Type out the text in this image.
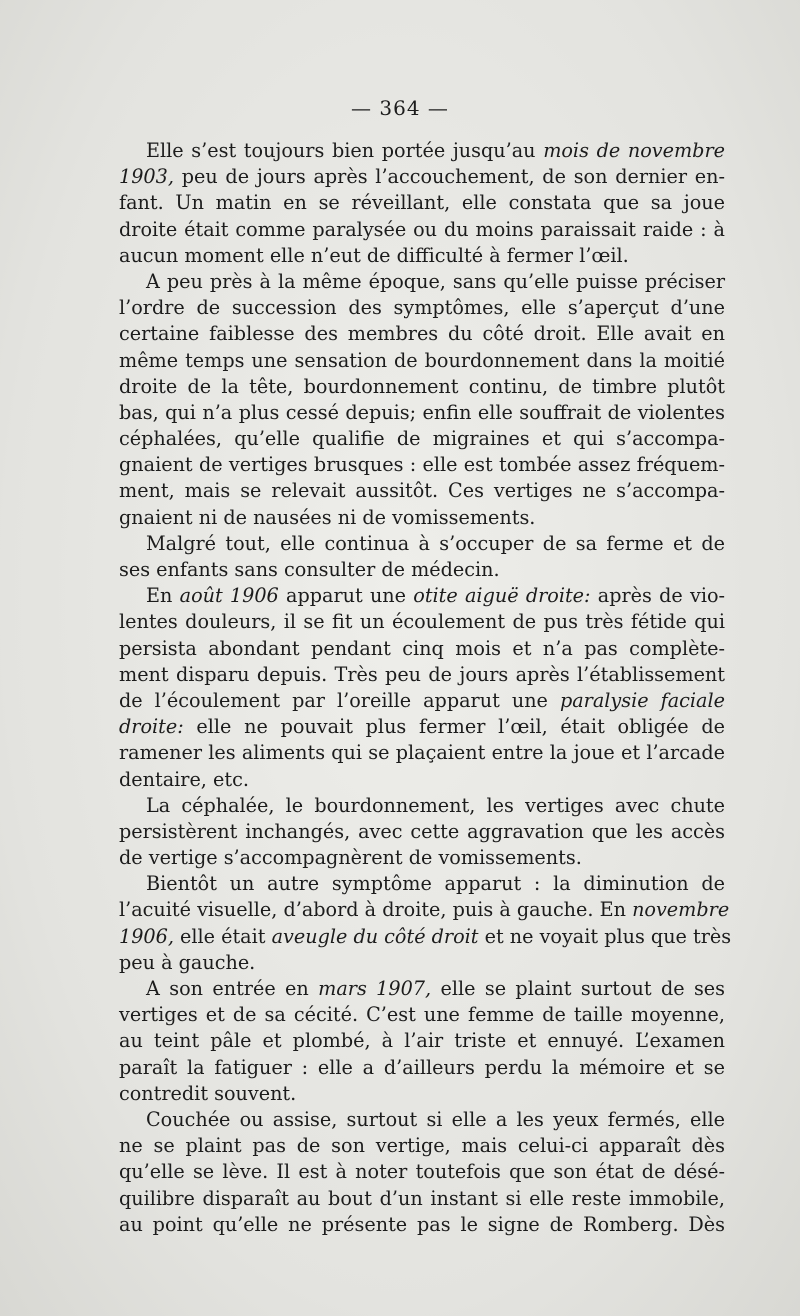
— 364 —
Elle s’est toujours bien portée jusqu’au mois de novembre
1903, peu de jours après l’accouchement, de son dernier en-
fant. Un matin en se réveillant, elle constata que sa joue
droite était comme paralysée ou du moins paraissait raide : à
aucun moment elle n’eut de difficulté à fermer l’œil.
A peu près à la même époque, sans qu’elle puisse préciser
l’ordre de succession des symptômes, elle s’aperçut d’une
certaine faiblesse des membres du côté droit. Elle avait en
même temps une sensation de bourdonnement dans la moitié
droite de la tête, bourdonnement continu, de timbre plutôt
bas, qui n’a plus cessé depuis; enfin elle souffrait de violentes
céphalées, qu’elle qualifie de migraines et qui s’accompa-
gnaient de vertiges brusques : elle est tombée assez fréquem-
ment, mais se relevait aussitôt. Ces vertiges ne s’accompa-
gnaient ni de nausées ni de vomissements.
Malgré tout, elle continua à s’occuper de sa ferme et de
ses enfants sans consulter de médecin.
En août 1906 apparut une otite aiguë droite: après de vio-
lentes douleurs, il se fit un écoulement de pus très fétide qui
persista abondant pendant cinq mois et n’a pas complète-
ment disparu depuis. Très peu de jours après l’établissement
de l’écoulement par l’oreille apparut une paralysie faciale
droite: elle ne pouvait plus fermer l’œil, était obligée de
ramener les aliments qui se plaçaient entre la joue et l’arcade
dentaire, etc.
La céphalée, le bourdonnement, les vertiges avec chute
persistèrent inchangés, avec cette aggravation que les accès
de vertige s’accompagnèrent de vomissements.
Bientôt un autre symptôme apparut : la diminution de
l’acuité visuelle, d’abord à droite, puis à gauche. En novembre
1906, elle était aveugle du côté droit et ne voyait plus que très
peu à gauche.
A son entrée en mars 1907, elle se plaint surtout de ses
vertiges et de sa cécité. C’est une femme de taille moyenne,
au teint pâle et plombé, à l’air triste et ennuyé. L’examen
paraît la fatiguer : elle a d’ailleurs perdu la mémoire et se
contredit souvent.
Couchée ou assise, surtout si elle a les yeux fermés, elle
ne se plaint pas de son vertige, mais celui-ci apparaît dès
qu’elle se lève. Il est à noter toutefois que son état de désé-
quilibre disparaît au bout d’un instant si elle reste immobile,
au point qu’elle ne présente pas le signe de Romberg. Dès
